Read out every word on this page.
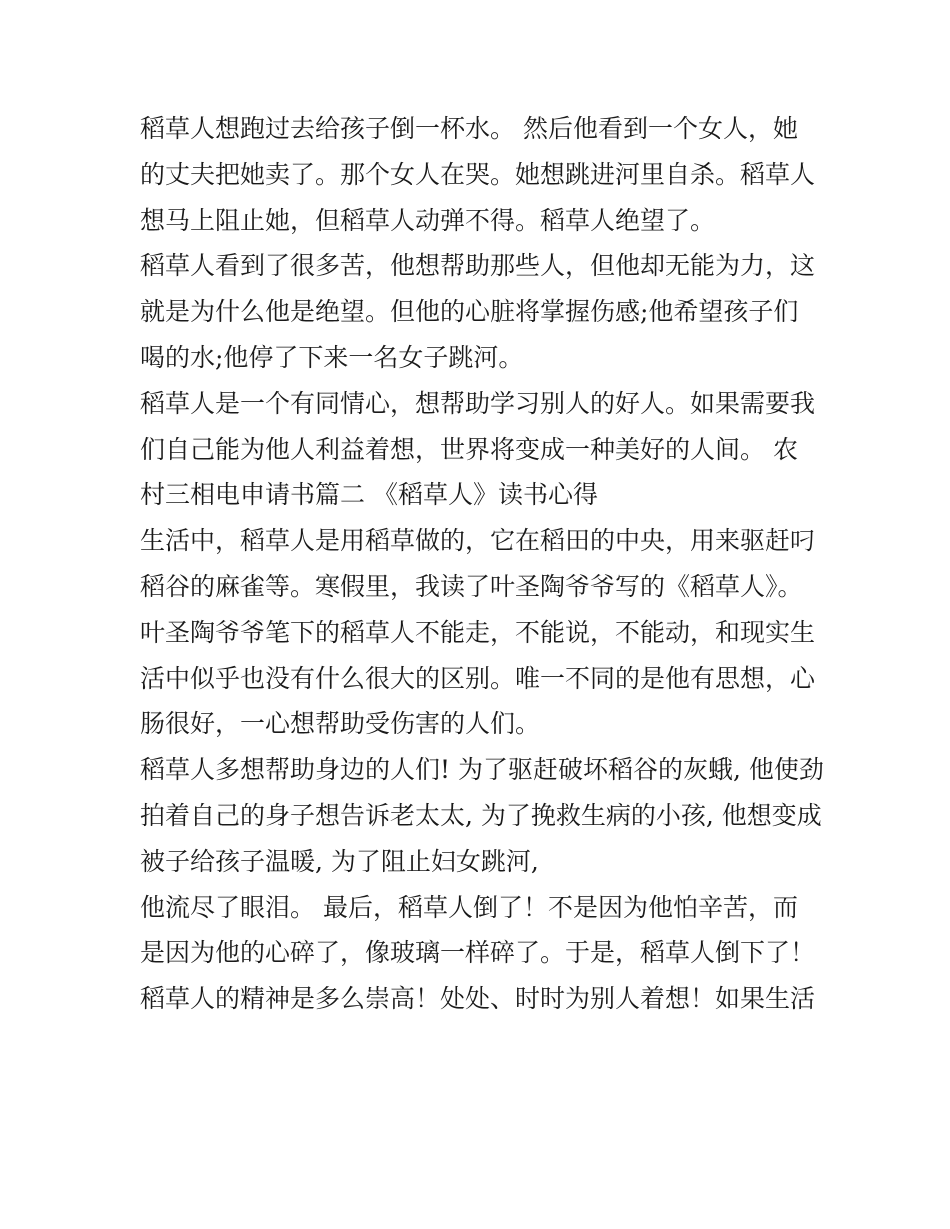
稻草人想跑过去给孩子倒一杯水。 然后他看到一个女人，她
的丈夫把她卖了。那个女人在哭。她想跳进河里自杀。稻草人
想马上阻止她，但稻草人动弹不得。稻草人绝望了。
稻草人看到了很多苦，他想帮助那些人，但他却无能为力，这
就是为什么他是绝望。但他的心脏将掌握伤感;他希望孩子们
喝的水;他停了下来一名女子跳河。
稻草人是一个有同情心，想帮助学习别人的好人。如果需要我
们自己能为他人利益着想，世界将变成一种美好的人间。 农
村三相电申请书篇二 《稻草人》读书心得
生活中，稻草人是用稻草做的，它在稻田的中央，用来驱赶叼
稻谷的麻雀等。寒假里，我读了叶圣陶爷爷写的《稻草人》。
叶圣陶爷爷笔下的稻草人不能走，不能说，不能动，和现实生
活中似乎也没有什么很大的区别。唯一不同的是他有思想，心
肠很好，一心想帮助受伤害的人们。
稻草人多想帮助身边的人们! 为了驱赶破坏稻谷的灰蛾, 他使劲
拍着自己的身子想告诉老太太, 为了挽救生病的小孩, 他想变成
被子给孩子温暖, 为了阻止妇女跳河,
他流尽了眼泪。 最后，稻草人倒了！不是因为他怕辛苦，而
是因为他的心碎了，像玻璃一样碎了。于是，稻草人倒下了！
稻草人的精神是多么崇高！处处、时时为别人着想！如果生活
